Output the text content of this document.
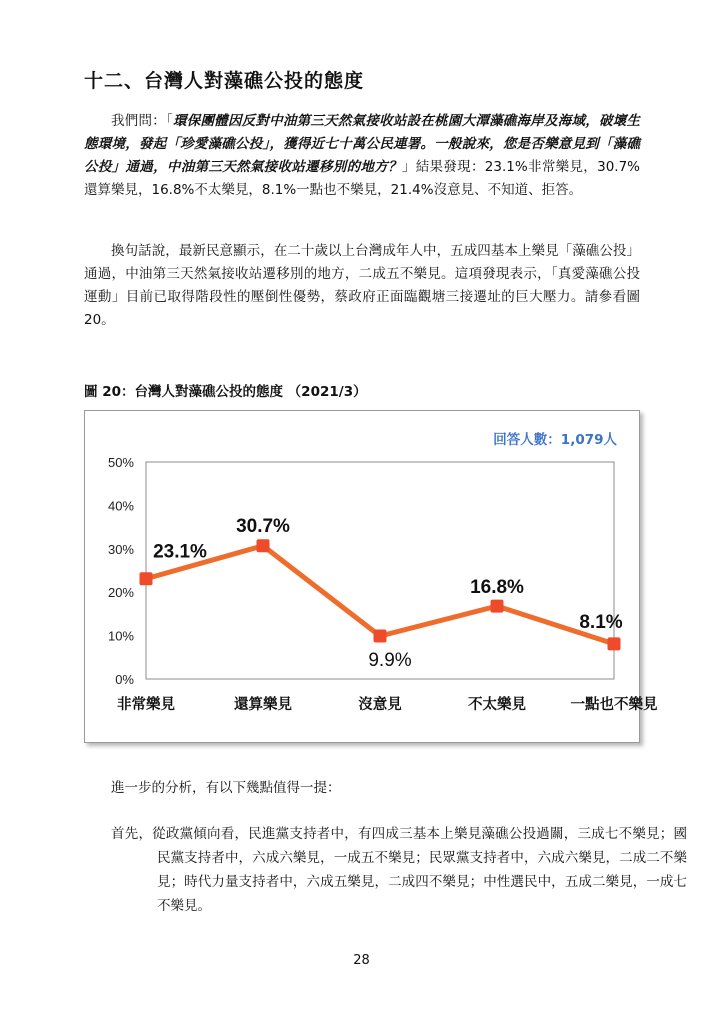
十二、台灣人對藻礁公投的態度
我們問：「環保團體因反對中油第三天然氣接收站設在桃園大潭藻礁海岸及海域，破壞生態環境，發起「珍愛藻礁公投」，獲得近七十萬公民連署。一般說來，您是否樂意見到「藻礁公投」通過，中油第三天然氣接收站遷移別的地方？」結果發現：23.1%非常樂見，30.7%還算樂見，16.8%不太樂見，8.1%一點也不樂見，21.4%沒意見、不知道、拒答。
換句話說，最新民意顯示，在二十歲以上台灣成年人中，五成四基本上樂見「藻礁公投」通過，中油第三天然氣接收站遷移別的地方，二成五不樂見。這項發現表示，「真愛藻礁公投運動」目前已取得階段性的壓倒性優勢，蔡政府正面臨觀塘三接遷址的巨大壓力。請參看圖 20。
圖 20：台灣人對藻礁公投的態度 （2021/3）
0%
10%
20%
30%
40%
50%
非常樂見	還算樂見	沒意見	不太樂見	一點也不樂見
23.1%
30.7%
9.9%
16.8%
8.1%
回答人數：1,079人
進一步的分析，有以下幾點值得一提：
首先，從政黨傾向看，民進黨支持者中，有四成三基本上樂見藻礁公投過關，三成七不樂見；國民黨支持者中，六成六樂見，一成五不樂見；民眾黨支持者中，六成六樂見，二成二不樂見；時代力量支持者中，六成五樂見，二成四不樂見；中性選民中，五成二樂見，一成七不樂見。
28
